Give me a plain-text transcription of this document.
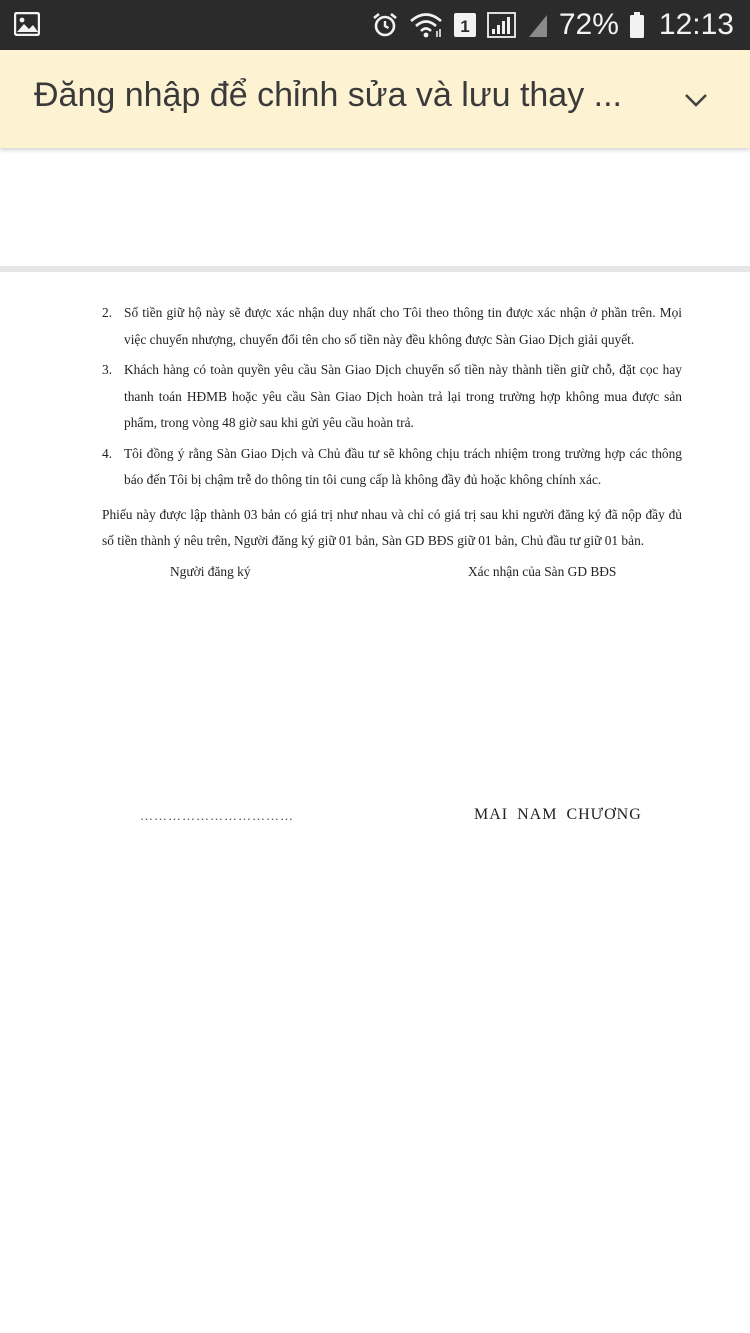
1	72% 12:13
Đăng nhập để chỉnh sửa và lưu thay ...
2. Số tiền giữ hộ này sẽ được xác nhận duy nhất cho Tôi theo thông tin được xác nhận ở phần trên. Mọi việc chuyển nhượng, chuyển đổi tên cho số tiền này đều không được Sàn Giao Dịch giải quyết.
3. Khách hàng có toàn quyền yêu cầu Sàn Giao Dịch chuyển số tiền này thành tiền giữ chỗ, đặt cọc hay thanh toán HĐMB hoặc yêu cầu Sàn Giao Dịch hoàn trả lại trong trường hợp không mua được sản phẩm, trong vòng 48 giờ sau khi gửi yêu cầu hoàn trả.
4. Tôi đồng ý rằng Sàn Giao Dịch và Chủ đầu tư sẽ không chịu trách nhiệm trong trường hợp các thông báo đến Tôi bị chậm trễ do thông tin tôi cung cấp là không đầy đủ hoặc không chính xác.

Phiếu này được lập thành 03 bản có giá trị như nhau và chỉ có giá trị sau khi người đăng ký đã nộp đầy đủ số tiền thành ý nêu trên, Người đăng ký giữ 01 bản, Sàn GD BĐS giữ 01 bản, Chủ đầu tư giữ 01 bản.

Người đăng ký	Xác nhận của Sàn GD BĐS
……………………………	MAI NAM CHƯƠNG
